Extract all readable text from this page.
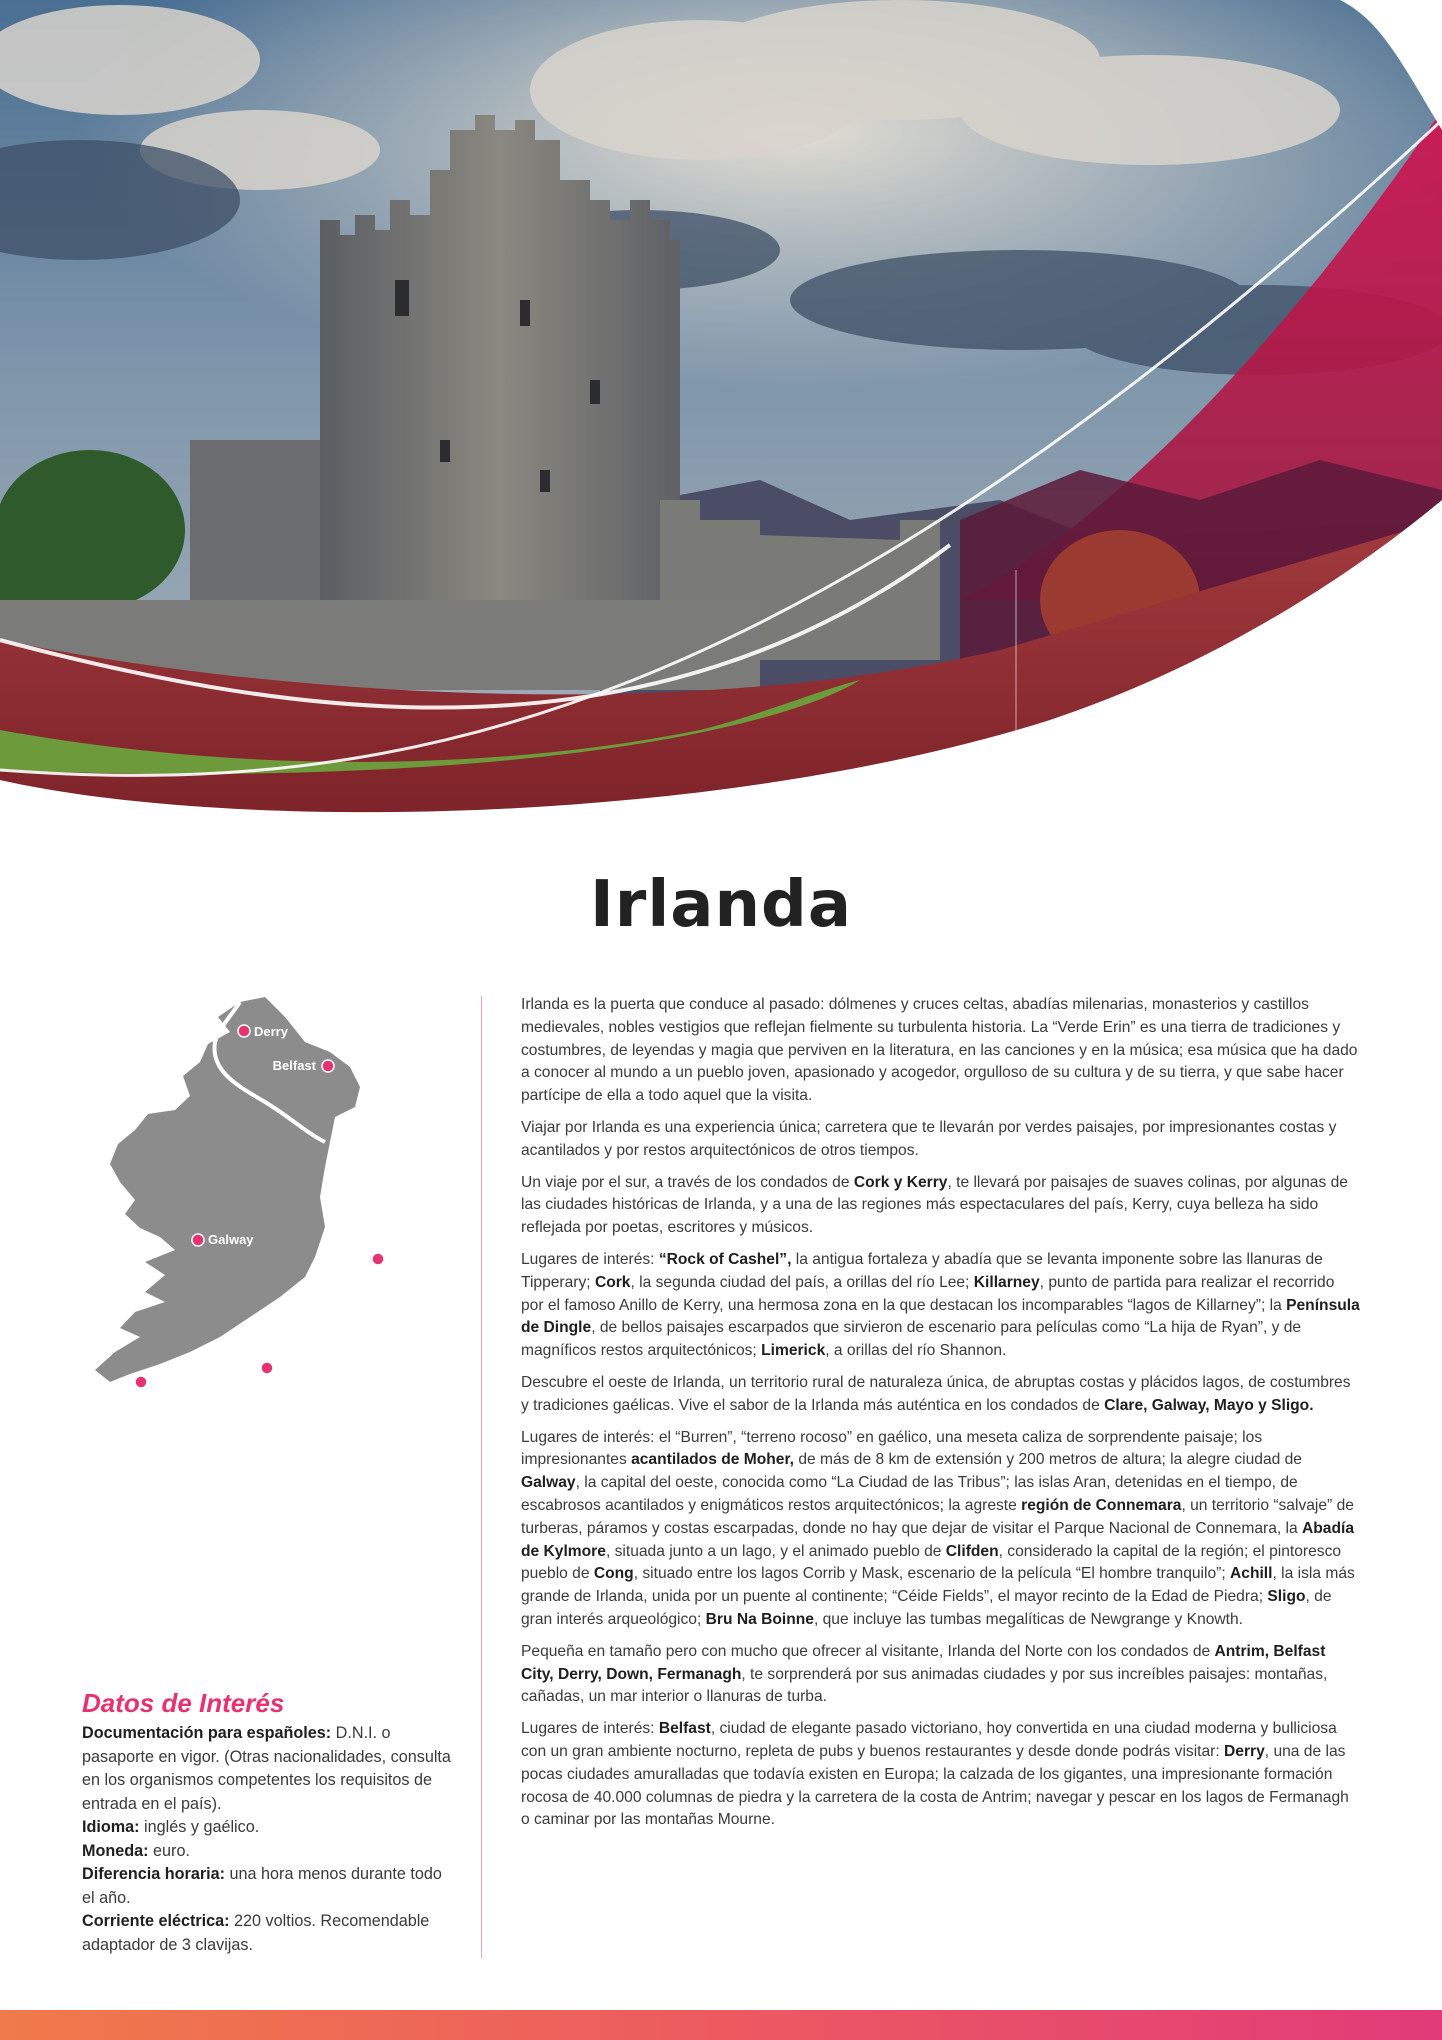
Irlanda
Derry
Belfast
Galway
Dublín
Cork
Killarney
Datos de Interés

Documentación para españoles: D.N.I. o pasaporte en vigor. (Otras nacionalidades, consulta en los organismos competentes los requisitos de entrada en el país).

Idioma: inglés y gaélico.

Moneda: euro.

Diferencia horaria: una hora menos durante todo el año.

Corriente eléctrica: 220 voltios. Recomendable adaptador de 3 clavijas.

Irlanda es la puerta que conduce al pasado: dólmenes y cruces celtas, abadías milenarias, monasterios y castillos medievales, nobles vestigios que reflejan fielmente su turbulenta historia. La “Verde Erin” es una tierra de tradiciones y costumbres, de leyendas y magia que perviven en la literatura, en las canciones y en la música; esa música que ha dado a conocer al mundo a un pueblo joven, apasionado y acogedor, orgulloso de su cultura y de su tierra, y que sabe hacer partícipe de ella a todo aquel que la visita.

Viajar por Irlanda es una experiencia única; carretera que te llevarán por verdes paisajes, por impresionantes costas y acantilados y por restos arquitectónicos de otros tiempos.

Un viaje por el sur, a través de los condados de Cork y Kerry, te llevará por paisajes de suaves colinas, por algunas de las ciudades históricas de Irlanda, y a una de las regiones más espectaculares del país, Kerry, cuya belleza ha sido reflejada por poetas, escritores y músicos.

Lugares de interés: “Rock of Cashel”, la antigua fortaleza y abadía que se levanta imponente sobre las llanuras de Tipperary; Cork, la segunda ciudad del país, a orillas del río Lee; Killarney, punto de partida para realizar el recorrido por el famoso Anillo de Kerry, una hermosa zona en la que destacan los incomparables “lagos de Killarney”; la Península de Dingle, de bellos paisajes escarpados que sirvieron de escenario para películas como “La hija de Ryan”, y de magníficos restos arquitectónicos; Limerick, a orillas del río Shannon.

Descubre el oeste de Irlanda, un territorio rural de naturaleza única, de abruptas costas y plácidos lagos, de costumbres y tradiciones gaélicas. Vive el sabor de la Irlanda más auténtica en los condados de Clare, Galway, Mayo y Sligo.

Lugares de interés: el “Burren”, “terreno rocoso” en gaélico, una meseta caliza de sorprendente paisaje; los impresionantes acantilados de Moher, de más de 8 km de extensión y 200 metros de altura; la alegre ciudad de Galway, la capital del oeste, conocida como “La Ciudad de las Tribus”; las islas Aran, detenidas en el tiempo, de escabrosos acantilados y enigmáticos restos arquitectónicos; la agreste región de Connemara, un territorio “salvaje” de turberas, páramos y costas escarpadas, donde no hay que dejar de visitar el Parque Nacional de Connemara, la Abadía de Kylmore, situada junto a un lago, y el animado pueblo de Clifden, considerado la capital de la región; el pintoresco pueblo de Cong, situado entre los lagos Corrib y Mask, escenario de la película “El hombre tranquilo”; Achill, la isla más grande de Irlanda, unida por un puente al continente; “Céide Fields”, el mayor recinto de la Edad de Piedra; Sligo, de gran interés arqueológico; Bru Na Boinne, que incluye las tumbas megalíticas de Newgrange y Knowth.

Pequeña en tamaño pero con mucho que ofrecer al visitante, Irlanda del Norte con los condados de Antrim, Belfast City, Derry, Down, Fermanagh, te sorprenderá por sus animadas ciudades y por sus increíbles paisajes: montañas, cañadas, un mar interior o llanuras de turba.

Lugares de interés: Belfast, ciudad de elegante pasado victoriano, hoy convertida en una ciudad moderna y bulliciosa con un gran ambiente nocturno, repleta de pubs y buenos restaurantes y desde donde podrás visitar: Derry, una de las pocas ciudades amuralladas que todavía existen en Europa; la calzada de los gigantes, una impresionante formación rocosa de 40.000 columnas de piedra y la carretera de la costa de Antrim; navegar y pescar en los lagos de Fermanagh o caminar por las montañas Mourne.
